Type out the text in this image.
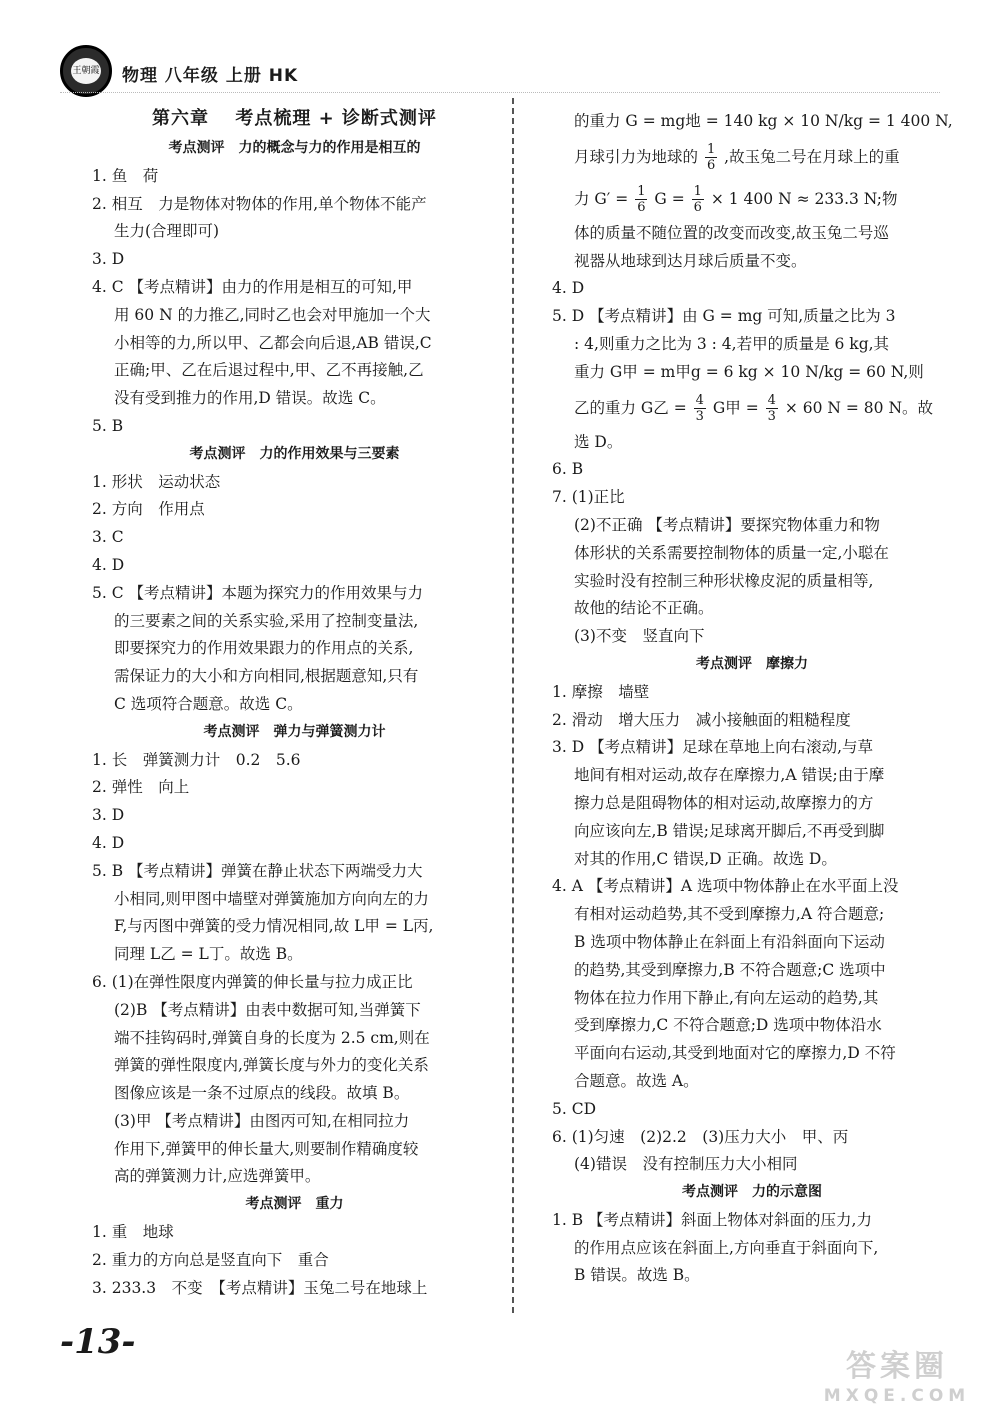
王朝霞 物理 八年级 上册 HK
第六章　 考点梳理 + 诊断式测评
考点测评　力的概念与力的作用是相互的
1. 鱼　荷
2. 相互　力是物体对物体的作用,单个物体不能产
生力(合理即可)
3. D
4. C 【考点精讲】由力的作用是相互的可知,甲
用 60 N 的力推乙,同时乙也会对甲施加一个大
小相等的力,所以甲、乙都会向后退,AB 错误,C
正确;甲、乙在后退过程中,甲、乙不再接触,乙
没有受到推力的作用,D 错误。故选 C。
5. B
考点测评　力的作用效果与三要素
1. 形状　运动状态
2. 方向　作用点
3. C
4. D
5. C 【考点精讲】本题为探究力的作用效果与力
的三要素之间的关系实验,采用了控制变量法,
即要探究力的作用效果跟力的作用点的关系,
需保证力的大小和方向相同,根据题意知,只有
C 选项符合题意。故选 C。
考点测评　弹力与弹簧测力计
1. 长　弹簧测力计　0.2　5.6
2. 弹性　向上
3. D
4. D
5. B 【考点精讲】弹簧在静止状态下两端受力大
小相同,则甲图中墙壁对弹簧施加方向向左的力
F,与丙图中弹簧的受力情况相同,故 L甲 = L丙,
同理 L乙 = L丁。故选 B。
6. (1)在弹性限度内弹簧的伸长量与拉力成正比
(2)B 【考点精讲】由表中数据可知,当弹簧下
端不挂钩码时,弹簧自身的长度为 2.5 cm,则在
弹簧的弹性限度内,弹簧长度与外力的变化关系
图像应该是一条不过原点的线段。故填 B。
(3)甲 【考点精讲】由图丙可知,在相同拉力
作用下,弹簧甲的伸长量大,则要制作精确度较
高的弹簧测力计,应选弹簧甲。
考点测评　重力
1. 重　地球
2. 重力的方向总是竖直向下　重合
3. 233.3　不变　【考点精讲】玉兔二号在地球上
的重力 G = mg地 = 140 kg × 10 N/kg = 1 400 N,
月球引力为地球的 $\frac{1}{6}$ ,故玉兔二号在月球上的重
力 $G' = \frac{1}{6}$ $G = \frac{1}{6} \times 1$ 400 N ≈ 233.3 N;物
体的质量不随位置的改变而改变,故玉兔二号巡
视器从地球到达月球后质量不变。
4. D
5. D 【考点精讲】由 G = mg 可知,质量之比为 3
: 4,则重力之比为 3 : 4,若甲的质量是 6 kg,其
重力 G甲 = m甲g = 6 kg × 10 N/kg = 60 N,则
乙的重力 G乙 = $\frac{4}{3}$ G甲 = $\frac{4}{3} \times 60$ N = 80 N。故
选 D。
6. B
7. (1)正比
(2)不正确 【考点精讲】要探究物体重力和物
体形状的关系需要控制物体的质量一定,小聪在
实验时没有控制三种形状橡皮泥的质量相等,
故他的结论不正确。
(3)不变　竖直向下
考点测评　摩擦力
1. 摩擦　墙壁
2. 滑动　增大压力　减小接触面的粗糙程度
3. D 【考点精讲】足球在草地上向右滚动,与草
地间有相对运动,故存在摩擦力,A 错误;由于摩
擦力总是阻碍物体的相对运动,故摩擦力的方
向应该向左,B 错误;足球离开脚后,不再受到脚
对其的作用,C 错误,D 正确。故选 D。
4. A 【考点精讲】A 选项中物体静止在水平面上没
有相对运动趋势,其不受到摩擦力,A 符合题意;
B 选项中物体静止在斜面上有沿斜面向下运动
的趋势,其受到摩擦力,B 不符合题意;C 选项中
物体在拉力作用下静止,有向左运动的趋势,其
受到摩擦力,C 不符合题意;D 选项中物体沿水
平面向右运动,其受到地面对它的摩擦力,D 不符
合题意。故选 A。
5. CD
6. (1)匀速　(2)2.2　(3)压力大小　甲、丙
(4)错误　没有控制压力大小相同
考点测评　力的示意图
1. B 【考点精讲】斜面上物体对斜面的压力,力
的作用点应该在斜面上,方向垂直于斜面向下,
B 错误。故选 B。
-13-
答案圈
MXQE.COM
